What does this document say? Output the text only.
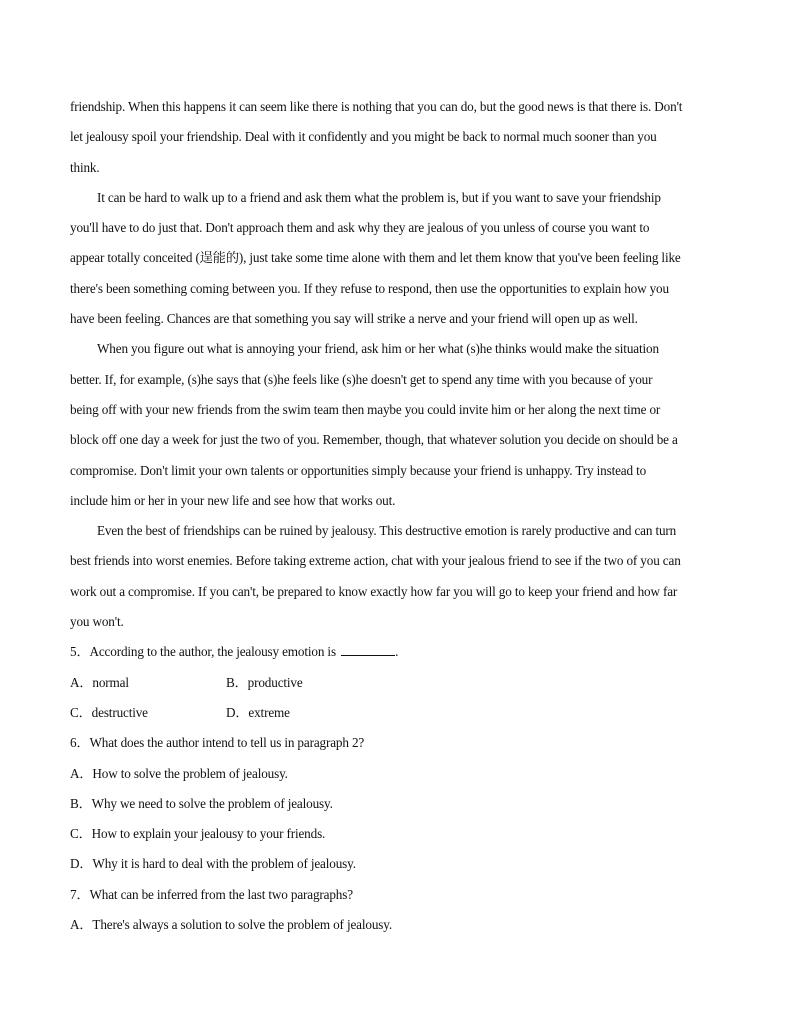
friendship. When this happens it can seem like there is nothing that you can do, but the good news is that there is. Don't
let jealousy spoil your friendship. Deal with it confidently and you might be back to normal much sooner than you
think.
It can be hard to walk up to a friend and ask them what the problem is, but if you want to save your friendship
you'll have to do just that. Don't approach them and ask why they are jealous of you unless of course you want to
appear totally conceited (逞能的), just take some time alone with them and let them know that you've been feeling like
there's been something coming between you. If they refuse to respond, then use the opportunities to explain how you
have been feeling. Chances are that something you say will strike a nerve and your friend will open up as well.
When you figure out what is annoying your friend, ask him or her what (s)he thinks would make the situation
better. If, for example, (s)he says that (s)he feels like (s)he doesn't get to spend any time with you because of your
being off with your new friends from the swim team then maybe you could invite him or her along the next time or
block off one day a week for just the two of you. Remember, though, that whatever solution you decide on should be a
compromise. Don't limit your own talents or opportunities simply because your friend is unhappy. Try instead to
include him or her in your new life and see how that works out.
Even the best of friendships can be ruined by jealousy. This destructive emotion is rarely productive and can turn
best friends into worst enemies. Before taking extreme action, chat with your jealous friend to see if the two of you can
work out a compromise. If you can't, be prepared to know exactly how far you will go to keep your friend and how far
you won't.
5．According to the author, the jealousy emotion is	.
A．normal	B．productive
C．destructive	D．extreme
6．What does the author intend to tell us in paragraph 2?
A．How to solve the problem of jealousy.
B．Why we need to solve the problem of jealousy.
C．How to explain your jealousy to your friends.
D．Why it is hard to deal with the problem of jealousy.
7．What can be inferred from the last two paragraphs?
A．There's always a solution to solve the problem of jealousy.
